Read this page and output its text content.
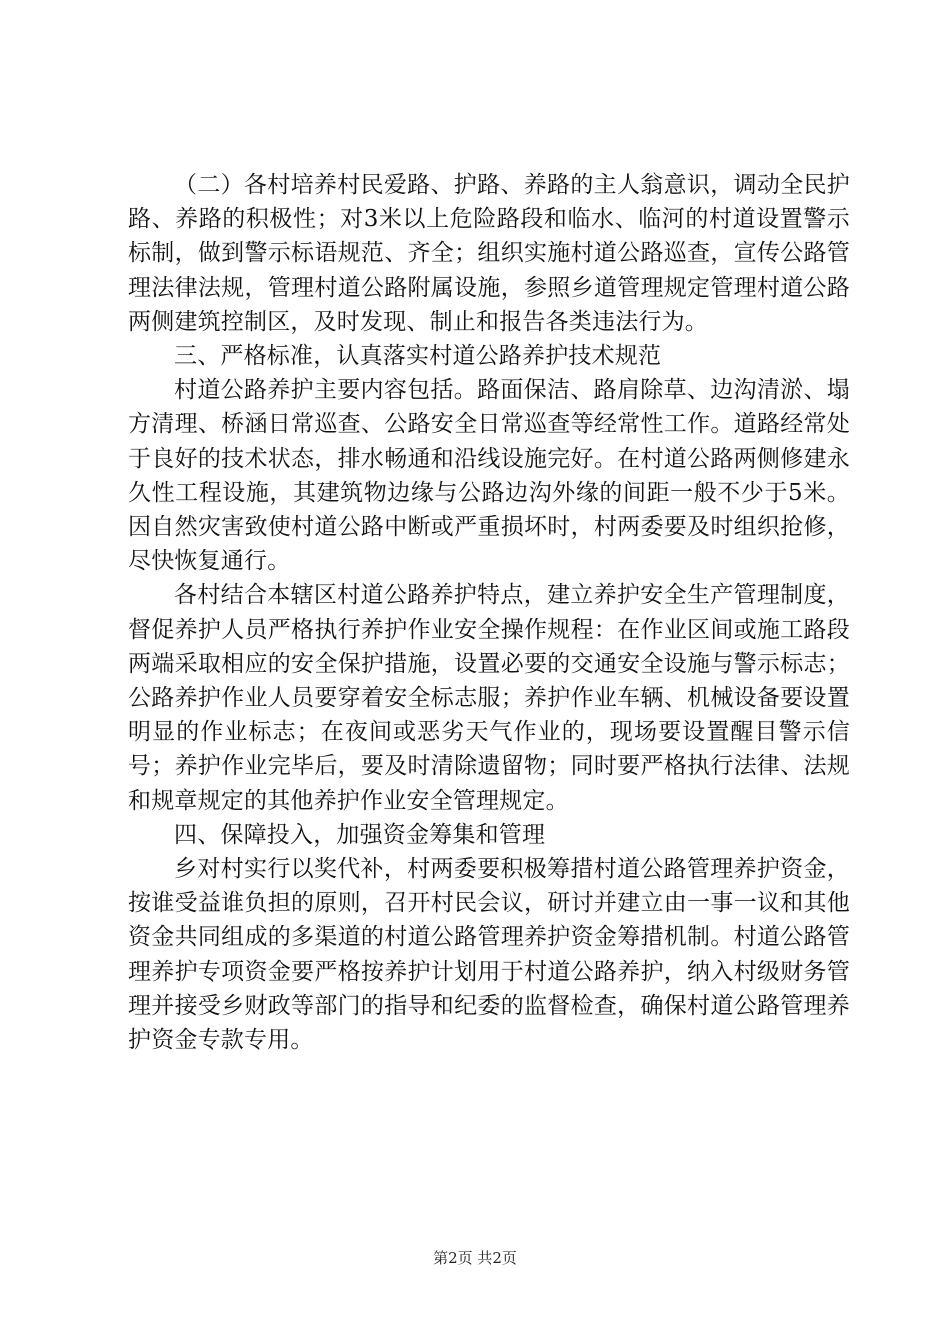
（二）各村培养村民爱路、护路、养路的主人翁意识，调动全民护路、养路的积极性；对3米以上危险路段和临水、临河的村道设置警示标制，做到警示标语规范、齐全；组织实施村道公路巡查，宣传公路管理法律法规，管理村道公路附属设施，参照乡道管理规定管理村道公路两侧建筑控制区，及时发现、制止和报告各类违法行为。

三、严格标准，认真落实村道公路养护技术规范

村道公路养护主要内容包括。路面保洁、路肩除草、边沟清淤、塌方清理、桥涵日常巡查、公路安全日常巡查等经常性工作。道路经常处于良好的技术状态，排水畅通和沿线设施完好。在村道公路两侧修建永久性工程设施，其建筑物边缘与公路边沟外缘的间距一般不少于5米。因自然灾害致使村道公路中断或严重损坏时，村两委要及时组织抢修，尽快恢复通行。

各村结合本辖区村道公路养护特点，建立养护安全生产管理制度，督促养护人员严格执行养护作业安全操作规程：在作业区间或施工路段两端采取相应的安全保护措施，设置必要的交通安全设施与警示标志；公路养护作业人员要穿着安全标志服；养护作业车辆、机械设备要设置明显的作业标志；在夜间或恶劣天气作业的，现场要设置醒目警示信号；养护作业完毕后，要及时清除遗留物；同时要严格执行法律、法规和规章规定的其他养护作业安全管理规定。

四、保障投入，加强资金筹集和管理

乡对村实行以奖代补，村两委要积极筹措村道公路管理养护资金，按谁受益谁负担的原则，召开村民会议，研讨并建立由一事一议和其他资金共同组成的多渠道的村道公路管理养护资金筹措机制。村道公路管理养护专项资金要严格按养护计划用于村道公路养护，纳入村级财务管理并接受乡财政等部门的指导和纪委的监督检查，确保村道公路管理养护资金专款专用。

第2页 共2页
